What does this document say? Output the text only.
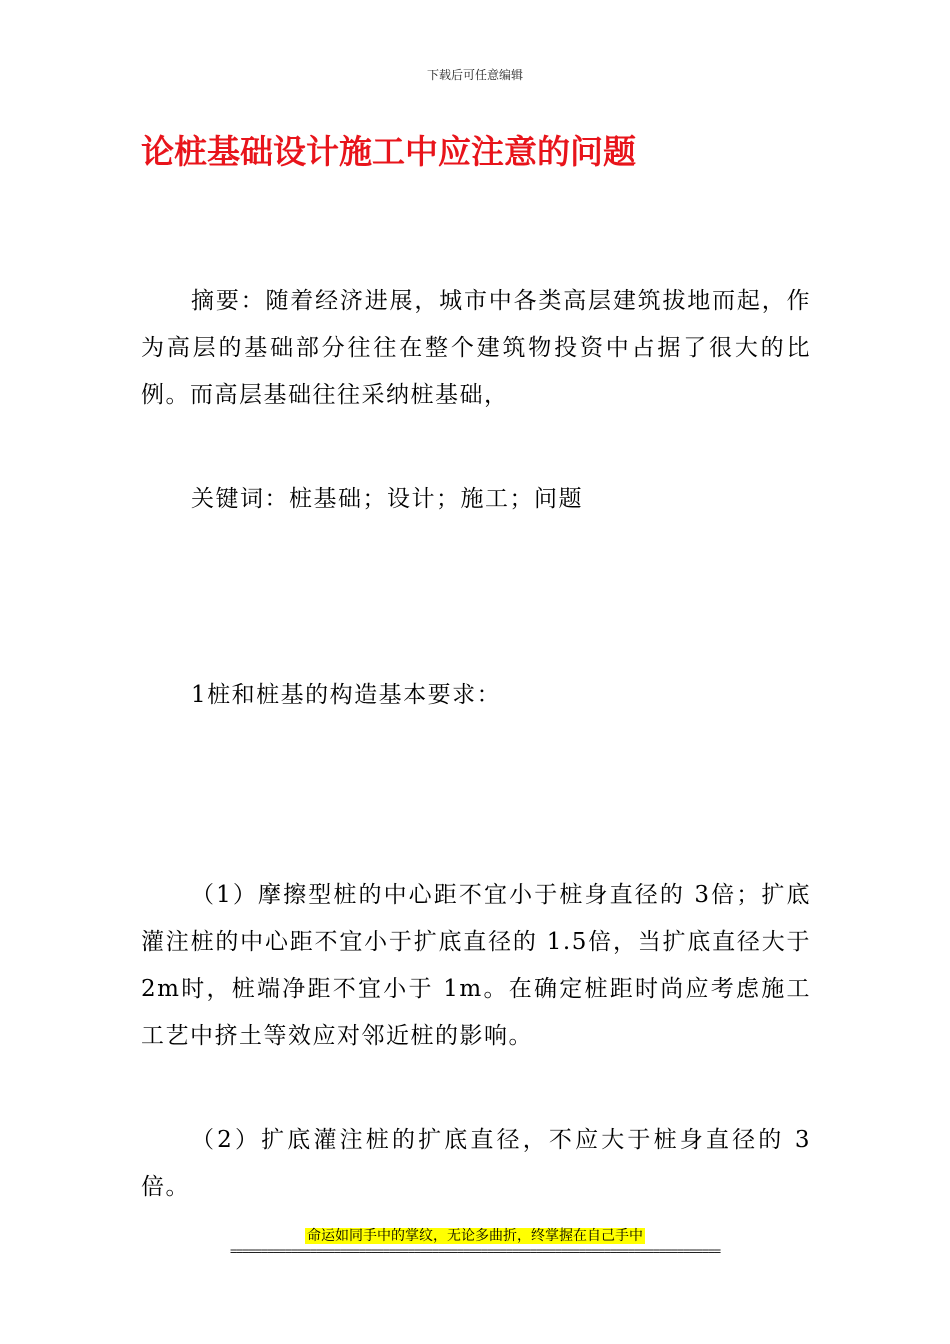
下载后可任意编辑
论桩基础设计施工中应注意的问题

摘要：随着经济进展，城市中各类高层建筑拔地而起，作为高层的基础部分往往在整个建筑物投资中占据了很大的比例。而高层基础往往采纳桩基础，

关键词：桩基础；设计；施工；问题

1桩和桩基的构造基本要求：

（1）摩擦型桩的中心距不宜小于桩身直径的 3倍；扩底灌注桩的中心距不宜小于扩底直径的 1.5倍，当扩底直径大于 2m时，桩端净距不宜小于 1m。在确定桩距时尚应考虑施工工艺中挤土等效应对邻近桩的影响。

（2）扩底灌注桩的扩底直径，不应大于桩身直径的 3倍。

命运如同手中的掌纹，无论多曲折，终掌握在自己手中
================================================================================
